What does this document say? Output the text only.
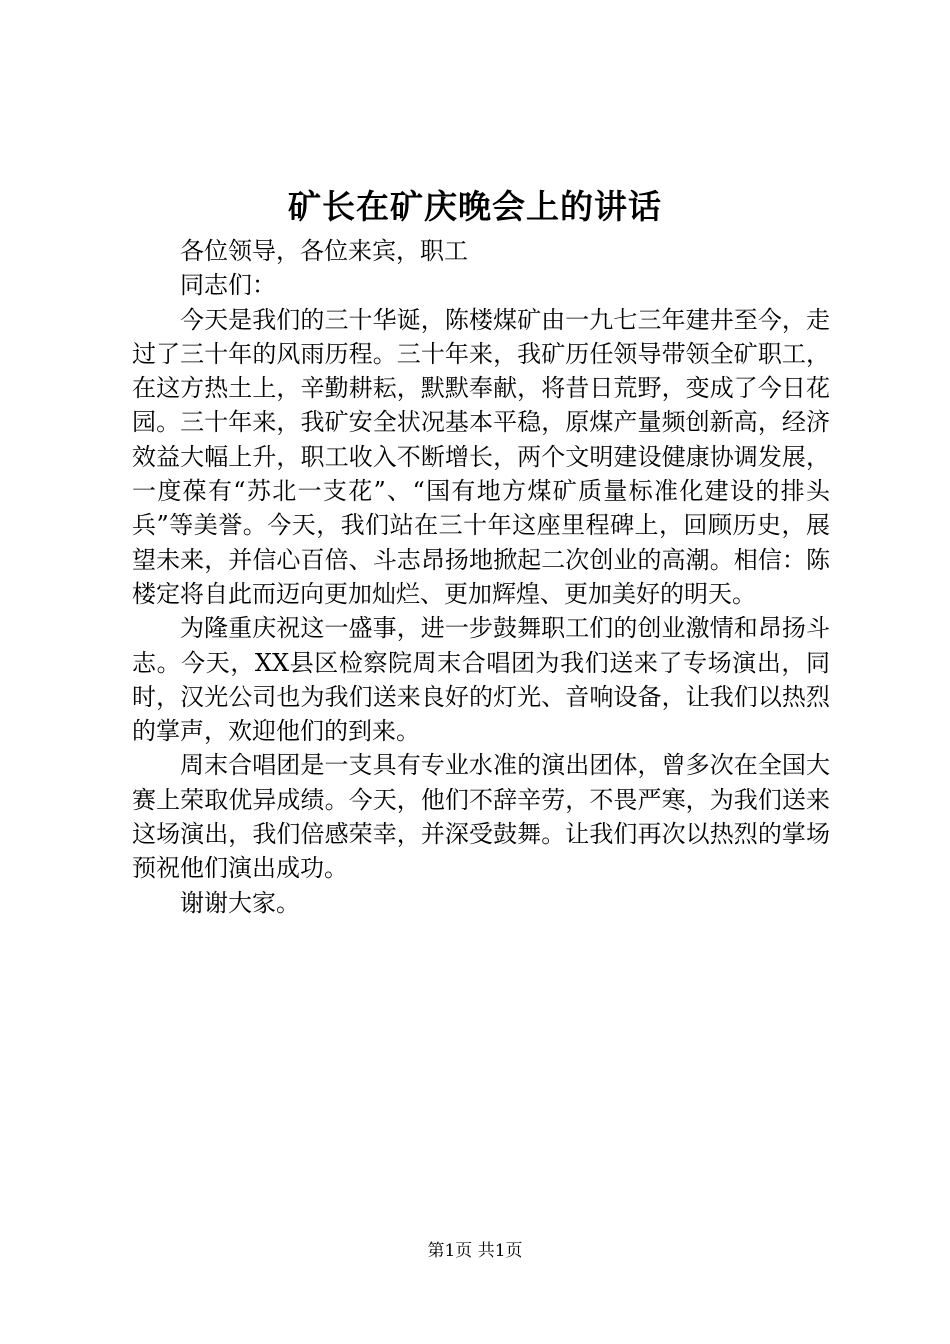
矿长在矿庆晚会上的讲话

各位领导，各位来宾，职工

同志们：

今天是我们的三十华诞，陈楼煤矿由一九七三年建井至今，走过了三十年的风雨历程。三十年来，我矿历任领导带领全矿职工，在这方热土上，辛勤耕耘，默默奉献，将昔日荒野，变成了今日花园。三十年来，我矿安全状况基本平稳，原煤产量频创新高，经济效益大幅上升，职工收入不断增长，两个文明建设健康协调发展，一度葆有“苏北一支花”、“国有地方煤矿质量标准化建设的排头兵”等美誉。今天，我们站在三十年这座里程碑上，回顾历史，展望未来，并信心百倍、斗志昂扬地掀起二次创业的高潮。相信：陈楼定将自此而迈向更加灿烂、更加辉煌、更加美好的明天。

为隆重庆祝这一盛事，进一步鼓舞职工们的创业激情和昂扬斗志。今天，XX县区检察院周末合唱团为我们送来了专场演出，同时，汉光公司也为我们送来良好的灯光、音响设备，让我们以热烈的掌声，欢迎他们的到来。

周末合唱团是一支具有专业水准的演出团体，曾多次在全国大赛上荣取优异成绩。今天，他们不辞辛劳，不畏严寒，为我们送来这场演出，我们倍感荣幸，并深受鼓舞。让我们再次以热烈的掌场预祝他们演出成功。

谢谢大家。

第1页 共1页
